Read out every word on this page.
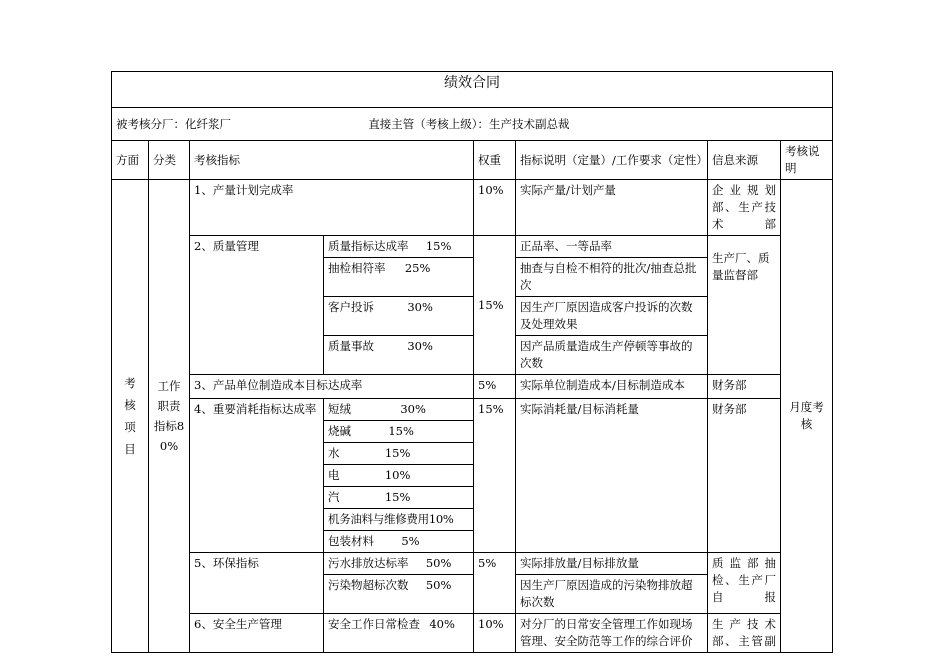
绩效合同							
被考核分厂：化纤浆厂 直接主管（考核上级）：生产技术副总裁							
方面	分类	考核指标		权重	指标说明（定量）/工作要求（定性）	信息来源	考核说明
考核项目	工作职责指标80%	1、产量计划完成率		10%	实际产量/计划产量	企业规划部、生产技术部	月度考核
		2、质量管理	质量指标达成率 15%	15%	正品率、一等品率	生产厂、质量监督部	
			抽检相符率 25%		抽查与自检不相符的批次/抽查总批次		
			客户投诉 30%		因生产厂原因造成客户投诉的次数及处理效果		
			质量事故 30%		因产品质量造成生产停顿等事故的次数		
		3、产品单位制造成本目标达成率		5%	实际单位制造成本/目标制造成本	财务部	
		4、重要消耗指标达成率	短绒 30%	15%	实际消耗量/目标消耗量	财务部	
			烧碱 15%				
			水 15%				
			电 10%				
			汽 15%				
			机务油料与维修费用10%				
			包装材料 5%				
		5、环保指标	污水排放达标率 50%	5%	实际排放量/目标排放量	质监部抽检、生产厂自报	
			污染物超标次数 50%		因生产厂原因造成的污染物排放超标次数		
		6、安全生产管理	安全工作日常检查 40%	10%	对分厂的日常安全管理工作如现场管理、安全防范等工作的综合评价	生产技术部、主管副	
